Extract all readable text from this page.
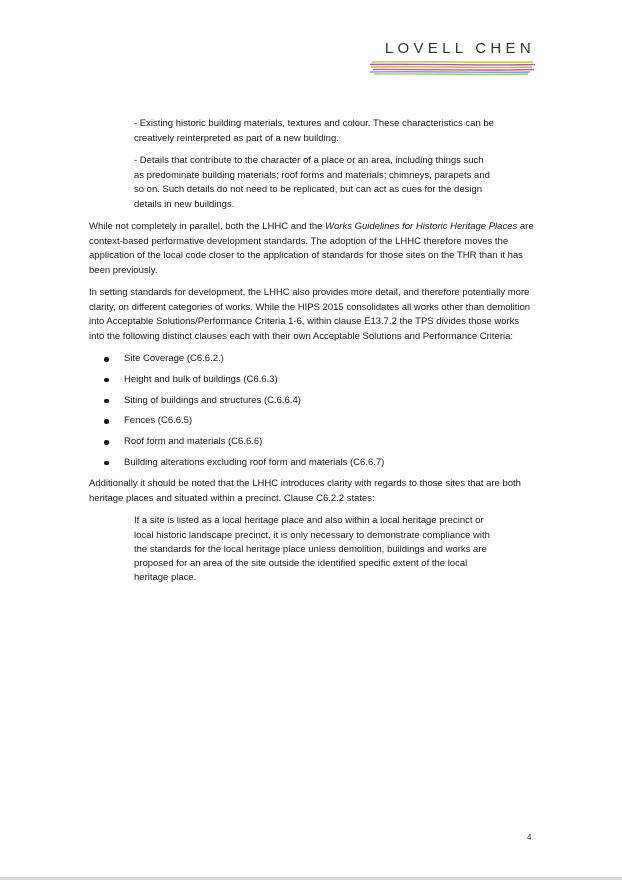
LOVELL CHEN

- Existing historic building materials, textures and colour. These characteristics can be creatively reinterpreted as part of a new building.

- Details that contribute to the character of a place or an area, including things such as predominate building materials; roof forms and materials; chimneys, parapets and so on. Such details do not need to be replicated, but can act as cues for the design details in new buildings.

While not completely in parallel, both the LHHC and the Works Guidelines for Historic Heritage Places are context-based performative development standards. The adoption of the LHHC therefore moves the application of the local code closer to the application of standards for those sites on the THR than it has been previously.

In setting standards for development, the LHHC also provides more detail, and therefore potentially more clarity, on different categories of works. While the HIPS 2015 consolidates all works other than demolition into Acceptable Solutions/Performance Criteria 1-6, within clause E13.7.2 the TPS divides those works into the following distinct clauses each with their own Acceptable Solutions and Performance Criteria:

Site Coverage (C6.6.2.)
Height and bulk of buildings (C6.6.3)
Siting of buildings and structures (C.6.6.4)
Fences (C6.6.5)
Roof form and materials (C6.6.6)
Building alterations excluding roof form and materials (C6.6.7)

Additionally it should be noted that the LHHC introduces clarity with regards to those sites that are both heritage places and situated within a precinct. Clause C6.2.2 states:

If a site is listed as a local heritage place and also within a local heritage precinct or local historic landscape precinct, it is only necessary to demonstrate compliance with the standards for the local heritage place unless demolition, buildings and works are proposed for an area of the site outside the identified specific extent of the local heritage place.

4
